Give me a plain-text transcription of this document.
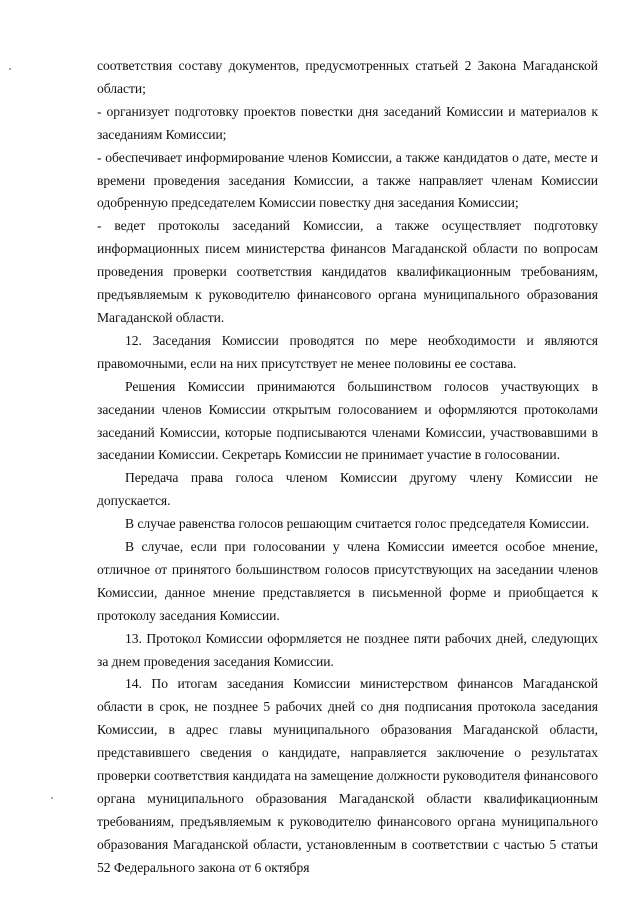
соответствия составу документов, предусмотренных статьей 2 Закона Магаданской области;

- организует подготовку проектов повестки дня заседаний Комиссии и материалов к заседаниям Комиссии;

- обеспечивает информирование членов Комиссии, а также кандидатов о дате, месте и времени проведения заседания Комиссии, а также направляет членам Комиссии одобренную председателем Комиссии повестку дня заседания Комиссии;

- ведет протоколы заседаний Комиссии, а также осуществляет подготовку информационных писем министерства финансов Магаданской области по вопросам проведения проверки соответствия кандидатов квалификационным требованиям, предъявляемым к руководителю финансового органа муниципального образования Магаданской области.

12. Заседания Комиссии проводятся по мере необходимости и являются правомочными, если на них присутствует не менее половины ее состава.

Решения Комиссии принимаются большинством голосов участвующих в заседании членов Комиссии открытым голосованием и оформляются протоколами заседаний Комиссии, которые подписываются членами Комиссии, участвовавшими в заседании Комиссии. Секретарь Комиссии не принимает участие в голосовании.

Передача права голоса членом Комиссии другому члену Комиссии не допускается.

В случае равенства голосов решающим считается голос председателя Комиссии.

В случае, если при голосовании у члена Комиссии имеется особое мнение, отличное от принятого большинством голосов присутствующих на заседании членов Комиссии, данное мнение представляется в письменной форме и приобщается к протоколу заседания Комиссии.

13. Протокол Комиссии оформляется не позднее пяти рабочих дней, следующих за днем проведения заседания Комиссии.

14. По итогам заседания Комиссии министерством финансов Магаданской области в срок, не позднее 5 рабочих дней со дня подписания протокола заседания Комиссии, в адрес главы муниципального образования Магаданской области, представившего сведения о кандидате, направляется заключение о результатах проверки соответствия кандидата на замещение должности руководителя финансового органа муниципального образования Магаданской области квалификационным требованиям, предъявляемым к руководителю финансового органа муниципального образования Магаданской области, установленным в соответствии с частью 5 статьи 52 Федерального закона от 6 октября
